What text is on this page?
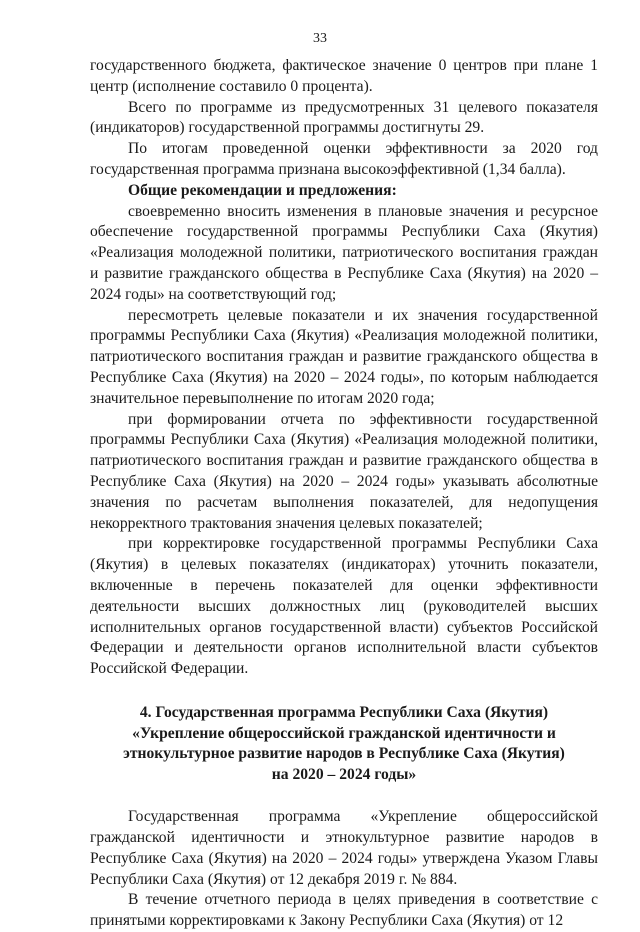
33

государственного бюджета, фактическое значение 0 центров при плане 1 центр (исполнение составило 0 процента).

Всего по программе из предусмотренных 31 целевого показателя (индикаторов) государственной программы достигнуты 29.

По итогам проведенной оценки эффективности за 2020 год государственная программа признана высокоэффективной (1,34 балла).

Общие рекомендации и предложения:

своевременно вносить изменения в плановые значения и ресурсное обеспечение государственной программы Республики Саха (Якутия) «Реализация молодежной политики, патриотического воспитания граждан и развитие гражданского общества в Республике Саха (Якутия) на 2020 – 2024 годы» на соответствующий год;

пересмотреть целевые показатели и их значения государственной программы Республики Саха (Якутия) «Реализация молодежной политики, патриотического воспитания граждан и развитие гражданского общества в Республике Саха (Якутия) на 2020 – 2024 годы», по которым наблюдается значительное перевыполнение по итогам 2020 года;

при формировании отчета по эффективности государственной программы Республики Саха (Якутия) «Реализация молодежной политики, патриотического воспитания граждан и развитие гражданского общества в Республике Саха (Якутия) на 2020 – 2024 годы» указывать абсолютные значения по расчетам выполнения показателей, для недопущения некорректного трактования значения целевых показателей;

при корректировке государственной программы Республики Саха (Якутия) в целевых показателях (индикаторах) уточнить показатели, включенные в перечень показателей для оценки эффективности деятельности высших должностных лиц (руководителей высших исполнительных органов государственной власти) субъектов Российской Федерации и деятельности органов исполнительной власти субъектов Российской Федерации.

4. Государственная программа Республики Саха (Якутия)
«Укрепление общероссийской гражданской идентичности и
этнокультурное развитие народов в Республике Саха (Якутия)
на 2020 – 2024 годы»

Государственная программа «Укрепление общероссийской гражданской идентичности и этнокультурное развитие народов в Республике Саха (Якутия) на 2020 – 2024 годы» утверждена Указом Главы Республики Саха (Якутия) от 12 декабря 2019 г. № 884.

В течение отчетного периода в целях приведения в соответствие с принятыми корректировками к Закону Республики Саха (Якутия) от 12
